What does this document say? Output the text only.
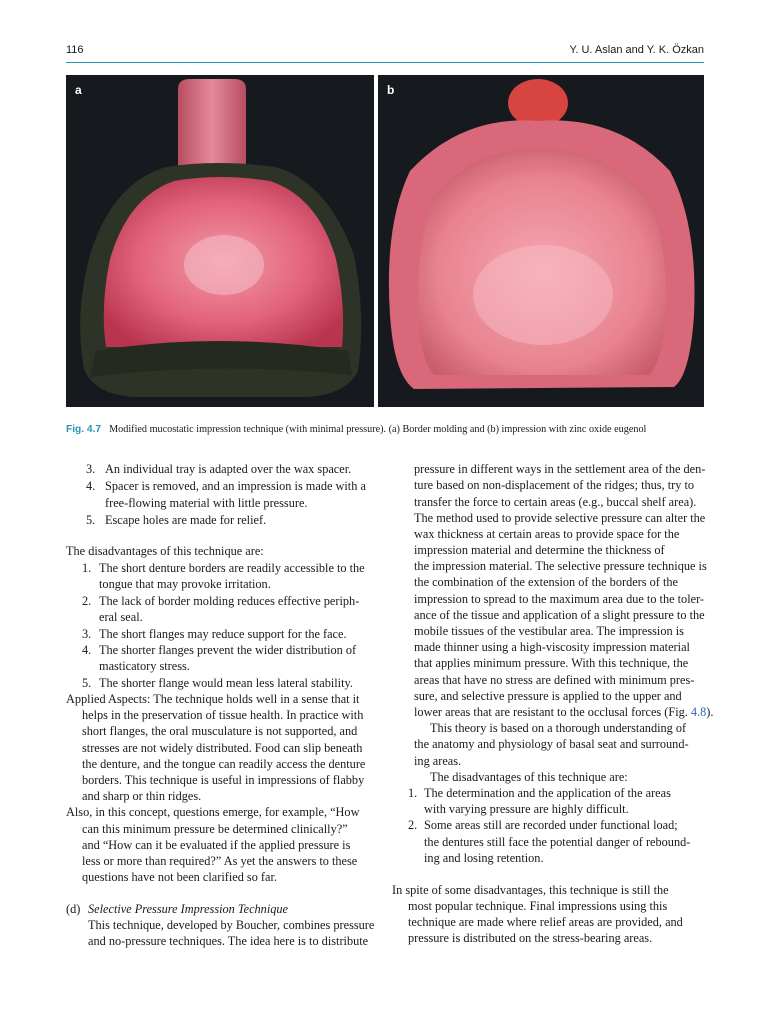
116	Y. U. Aslan and Y. K. Özkan
a	b
Fig. 4.7 Modified mucostatic impression technique (with minimal pressure). (a) Border molding and (b) impression with zinc oxide eugenol
3. An individual tray is adapted over the wax spacer.
4. Spacer is removed, and an impression is made with a
free-flowing material with little pressure.
5. Escape holes are made for relief.
The disadvantages of this technique are:
1. The short denture borders are readily accessible to the
tongue that may provoke irritation.
2. The lack of border molding reduces effective periph-
eral seal.
3. The short flanges may reduce support for the face.
4. The shorter flanges prevent the wider distribution of
masticatory stress.
5. The shorter flange would mean less lateral stability.
Applied Aspects: The technique holds well in a sense that it
helps in the preservation of tissue health. In practice with
short flanges, the oral musculature is not supported, and
stresses are not widely distributed. Food can slip beneath
the denture, and the tongue can readily access the denture
borders. This technique is useful in impressions of flabby
and sharp or thin ridges.
Also, in this concept, questions emerge, for example, “How
can this minimum pressure be determined clinically?”
and “How can it be evaluated if the applied pressure is
less or more than required?” As yet the answers to these
questions have not been clarified so far.
(d) Selective Pressure Impression Technique
This technique, developed by Boucher, combines pressure
and no-pressure techniques. The idea here is to distribute
pressure in different ways in the settlement area of the den-
ture based on non-displacement of the ridges; thus, try to
transfer the force to certain areas (e.g., buccal shelf area).
The method used to provide selective pressure can alter the
wax thickness at certain areas to provide space for the
impression material and determine the thickness of
the impression material. The selective pressure technique is
the combination of the extension of the borders of the
impression to spread to the maximum area due to the toler-
ance of the tissue and application of a slight pressure to the
mobile tissues of the vestibular area. The impression is
made thinner using a high-viscosity impression material
that applies minimum pressure. With this technique, the
areas that have no stress are defined with minimum pres-
sure, and selective pressure is applied to the upper and
lower areas that are resistant to the occlusal forces (Fig. 4.8).
This theory is based on a thorough understanding of
the anatomy and physiology of basal seat and surround-
ing areas.
The disadvantages of this technique are:
1. The determination and the application of the areas
with varying pressure are highly difficult.
2. Some areas still are recorded under functional load;
the dentures still face the potential danger of rebound-
ing and losing retention.
In spite of some disadvantages, this technique is still the
most popular technique. Final impressions using this
technique are made where relief areas are provided, and
pressure is distributed on the stress-bearing areas.
